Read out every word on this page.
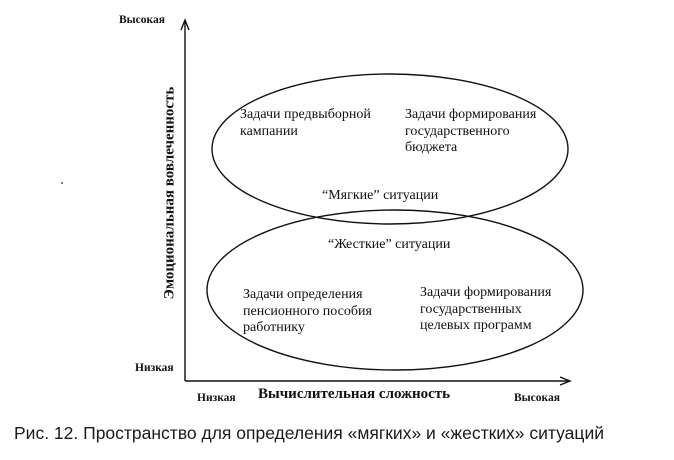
Высокая
Низкая
Эмоциональная вовлеченность
Низкая Вычислительная сложность	Высокая
Задачи предвыборной кампании
Задачи формирования государственного бюджета
“Мягкие” ситуации
“Жесткие” ситуации
Задачи определения пенсионного пособия работнику
Задачи формирования государственных целевых программ
Рис. 12. Пространство для определения «мягких» и «жестких» ситуаций
